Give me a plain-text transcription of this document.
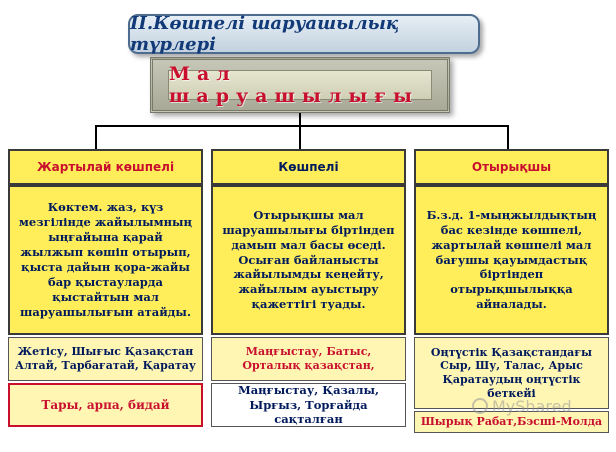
II.Көшпелі шаруашылық түрлері
Мал шаруашылығы
Жартылай көшпелі
Көктем. жаз, күз мезгілінде жайылымның ыңғайына қарай жылжып көшіп отырып, қыста дайын қора-жайы бар қыстауларда қыстайтын мал шаруашылығын атайды.
Жетісу, Шығыс Қазақстан Алтай, Тарбағатай, Қаратау
Тары, арпа, бидай
Көшпелі
Отырықшы мал шаруашылығы біртіндеп дамып мал басы өседі. Осыған байланысты жайылымды кеңейту, жайылым ауыстыру қажеттігі туады.
Маңғыстау, Батыс, Орталық қазақстан,
Маңғыстау, Қазалы, Ырғыз, Торғайда сақталған
Отырықшы
Б.з.д. 1-мыңжылдықтың бас кезінде көшпелі, жартылай көшпелі мал бағушы қауымдастық біртіндеп отырықшылыққа айналады.
Оңтүстік Қазақстандағы Сыр, Шу, Талас, Арыс Қаратаудың оңтүстік беткейі
Шырық Рабат,Бэсші-Молда
MyShared
